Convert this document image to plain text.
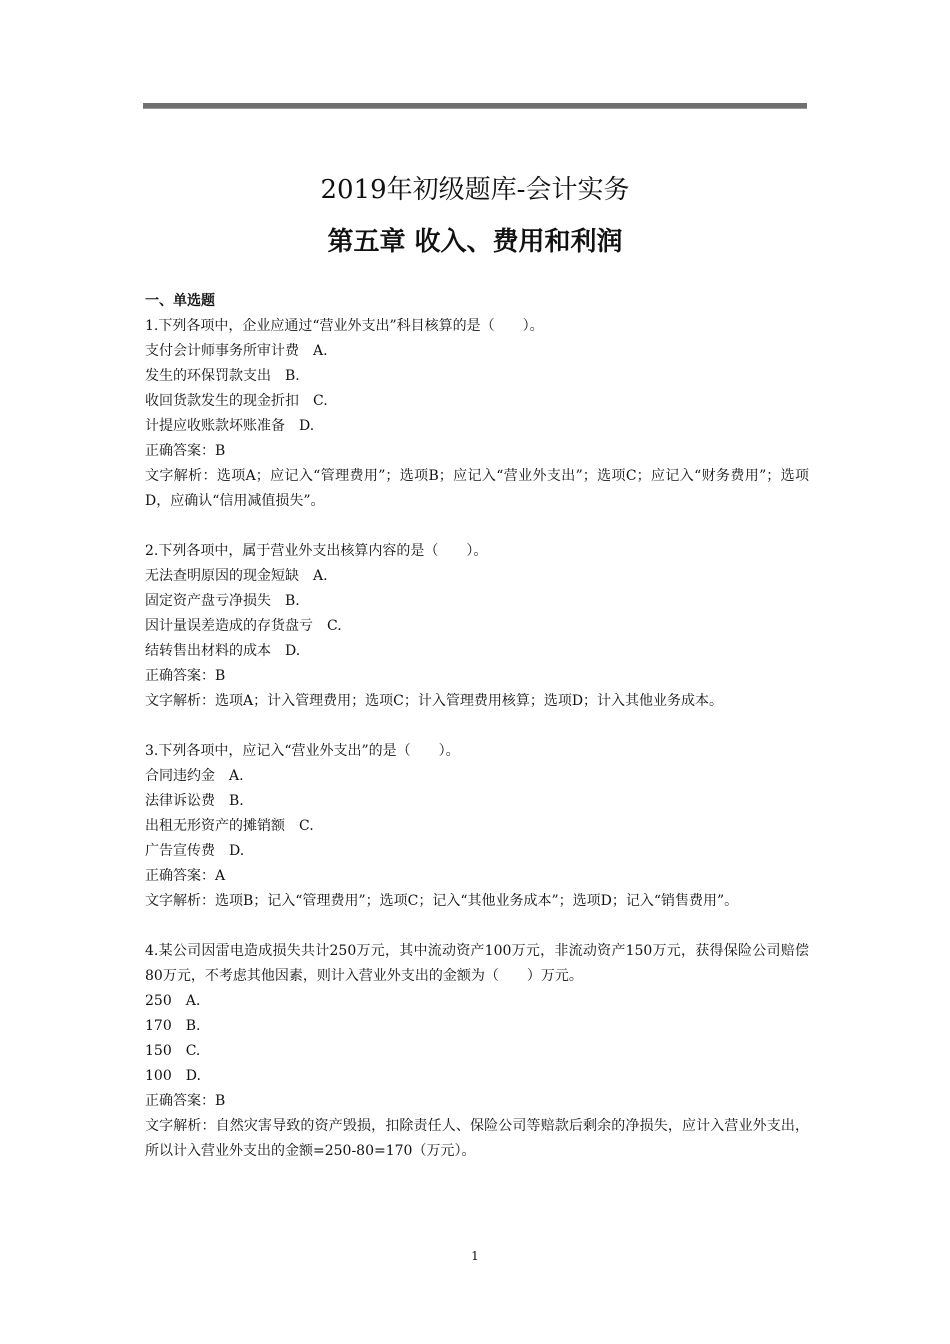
2019年初级题库-会计实务
第五章 收入、费用和利润
一、单选题
1.下列各项中，企业应通过“营业外支出”科目核算的是（　　）。
支付会计师事务所审计费　A.
发生的环保罚款支出　B.
收回货款发生的现金折扣　C.
计提应收账款坏账准备　D.
正确答案：B
文字解析：选项A；应记入“管理费用”；选项B；应记入“营业外支出”；选项C；应记入“财务费用”；选项D，应确认“信用减值损失”。
2.下列各项中，属于营业外支出核算内容的是（　　）。
无法查明原因的现金短缺　A.
固定资产盘亏净损失　B.
因计量误差造成的存货盘亏　C.
结转售出材料的成本　D.
正确答案：B
文字解析：选项A；计入管理费用；选项C；计入管理费用核算；选项D；计入其他业务成本。
3.下列各项中，应记入“营业外支出”的是（　　）。
合同违约金　A.
法律诉讼费　B.
出租无形资产的摊销额　C.
广告宣传费　D.
正确答案：A
文字解析：选项B；记入“管理费用”；选项C；记入“其他业务成本”；选项D；记入“销售费用”。
4.某公司因雷电造成损失共计250万元，其中流动资产100万元，非流动资产150万元，获得保险公司赔偿80万元，不考虑其他因素，则计入营业外支出的金额为（　　）万元。
250　A.
170　B.
150　C.
100　D.
正确答案：B
文字解析：自然灾害导致的资产毁损，扣除责任人、保险公司等赔款后剩余的净损失，应计入营业外支出，所以计入营业外支出的金额=250-80=170（万元）。
1
